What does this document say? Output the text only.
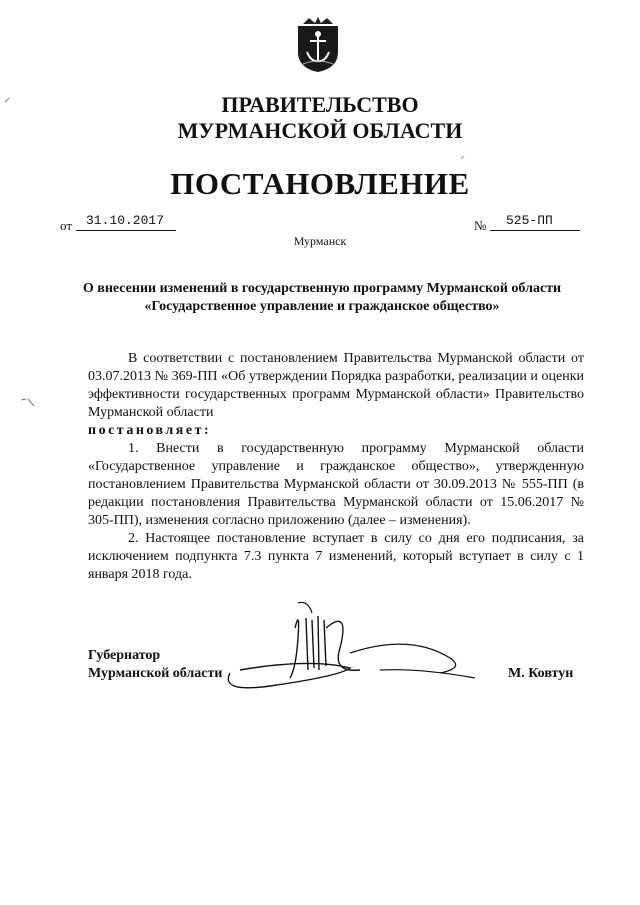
ПРАВИТЕЛЬСТВО
МУРМАНСКОЙ ОБЛАСТИ
ПОСТАНОВЛЕНИЕ
от 31.10.2017	№ 525-ПП
Мурманск
О внесении изменений в государственную программу Мурманской области «Государственное управление и гражданское общество»

В соответствии с постановлением Правительства Мурманской области от 03.07.2013 № 369-ПП «Об утверждении Порядка разработки, реализации и оценки эффективности государственных программ Мурманской области» Правительство Мурманской области

постановляет:

1. Внести в государственную программу Мурманской области «Государственное управление и гражданское общество», утвержденную постановлением Правительства Мурманской области от 30.09.2013 № 555-ПП (в редакции постановления Правительства Мурманской области от 15.06.2017 № 305-ПП), изменения согласно приложению (далее – изменения).

2. Настоящее постановление вступает в силу со дня его подписания, за исключением подпункта 7.3 пункта 7 изменений, который вступает в силу с 1 января 2018 года.

Губернатор
Мурманской области	М. Ковтун
